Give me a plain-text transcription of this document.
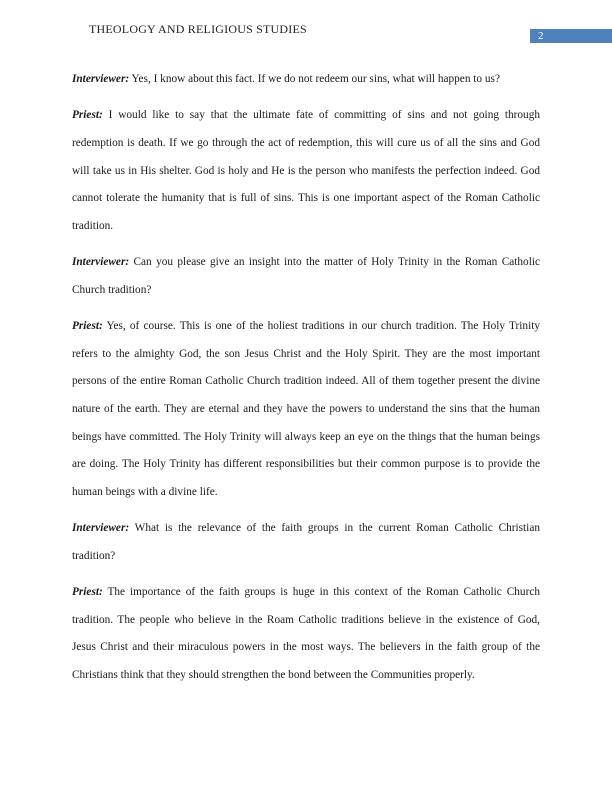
THEOLOGY AND RELIGIOUS STUDIES	2

Interviewer: Yes, I know about this fact. If we do not redeem our sins, what will happen to us?

Priest: I would like to say that the ultimate fate of committing of sins and not going through redemption is death. If we go through the act of redemption, this will cure us of all the sins and God will take us in His shelter. God is holy and He is the person who manifests the perfection indeed. God cannot tolerate the humanity that is full of sins. This is one important aspect of the Roman Catholic tradition.

Interviewer: Can you please give an insight into the matter of Holy Trinity in the Roman Catholic Church tradition?

Priest: Yes, of course. This is one of the holiest traditions in our church tradition. The Holy Trinity refers to the almighty God, the son Jesus Christ and the Holy Spirit. They are the most important persons of the entire Roman Catholic Church tradition indeed. All of them together present the divine nature of the earth. They are eternal and they have the powers to understand the sins that the human beings have committed. The Holy Trinity will always keep an eye on the things that the human beings are doing. The Holy Trinity has different responsibilities but their common purpose is to provide the human beings with a divine life.

Interviewer: What is the relevance of the faith groups in the current Roman Catholic Christian tradition?

Priest: The importance of the faith groups is huge in this context of the Roman Catholic Church tradition. The people who believe in the Roam Catholic traditions believe in the existence of God, Jesus Christ and their miraculous powers in the most ways. The believers in the faith group of the Christians think that they should strengthen the bond between the Communities properly.
